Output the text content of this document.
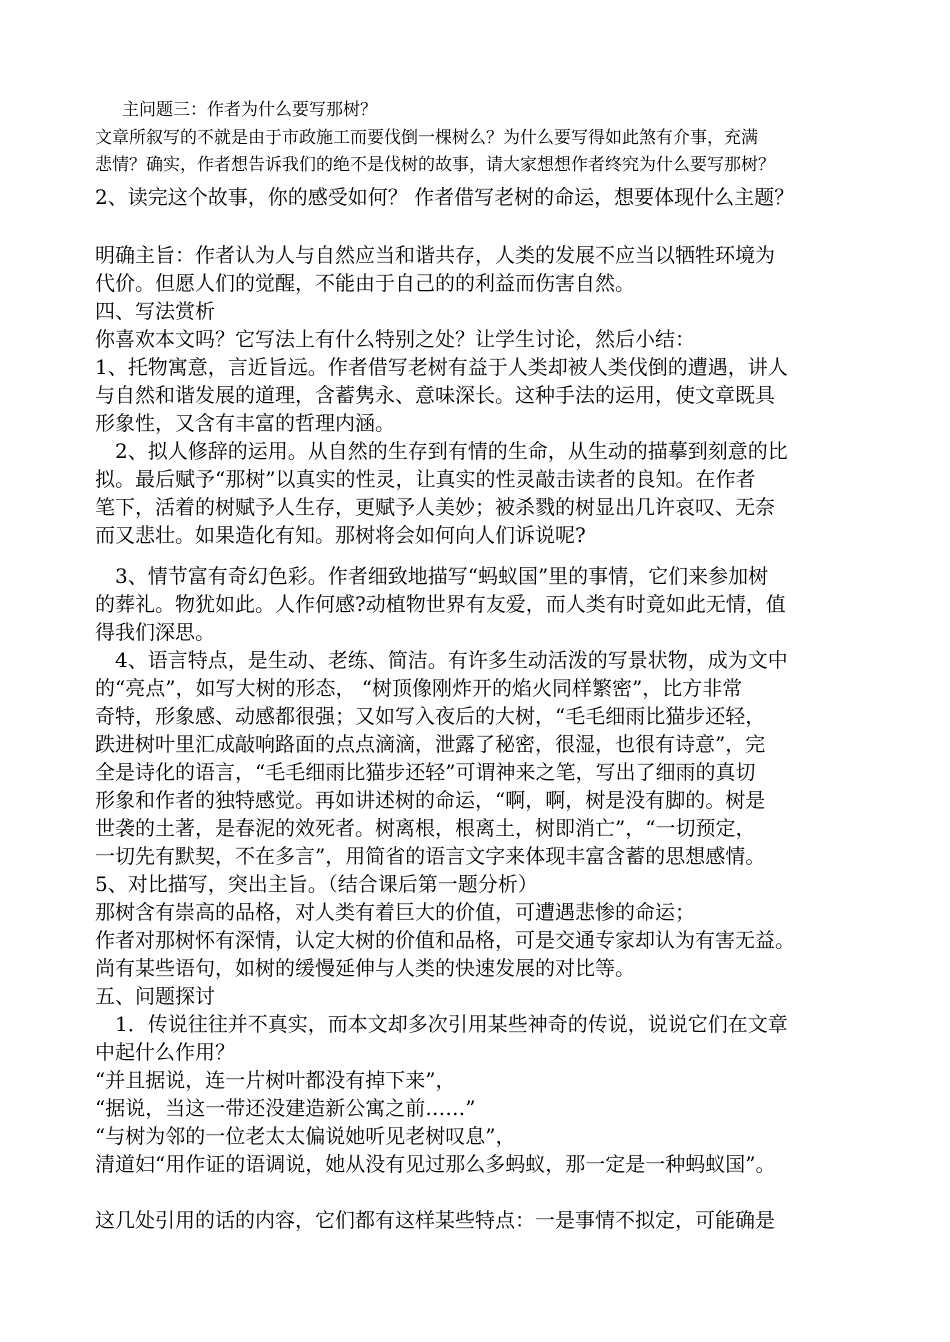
主问题三：作者为什么要写那树？
文章所叙写的不就是由于市政施工而要伐倒一棵树么？为什么要写得如此煞有介事，充满
悲情？确实，作者想告诉我们的绝不是伐树的故事，请大家想想作者终究为什么要写那树？
2、读完这个故事，你的感受如何？ 作者借写老树的命运，想要体现什么主题？
明确主旨：作者认为人与自然应当和谐共存，人类的发展不应当以牺牲环境为
代价。但愿人们的觉醒，不能由于自己的的利益而伤害自然。
四、写法赏析
你喜欢本文吗？它写法上有什么特别之处？让学生讨论，然后小结：
1、托物寓意，言近旨远。作者借写老树有益于人类却被人类伐倒的遭遇，讲人
与自然和谐发展的道理，含蓄隽永、意味深长。这种手法的运用，使文章既具
形象性，又含有丰富的哲理内涵。
2、拟人修辞的运用。从自然的生存到有情的生命，从生动的描摹到刻意的比
拟。最后赋予“那树”以真实的性灵，让真实的性灵敲击读者的良知。在作者
笔下，活着的树赋予人生存，更赋予人美妙；被杀戮的树显出几许哀叹、无奈
而又悲壮。如果造化有知。那树将会如何向人们诉说呢?
3、情节富有奇幻色彩。作者细致地描写“蚂蚁国”里的事情，它们来参加树
的葬礼。物犹如此。人作何感?动植物世界有友爱，而人类有时竟如此无情，值
得我们深思。
4、语言特点，是生动、老练、简洁。有许多生动活泼的写景状物，成为文中
的“亮点”，如写大树的形态， “树顶像刚炸开的焰火同样繁密”，比方非常
奇特，形象感、动感都很强；又如写入夜后的大树，“毛毛细雨比猫步还轻，
跌进树叶里汇成敲响路面的点点滴滴，泄露了秘密，很湿，也很有诗意”，完
全是诗化的语言，“毛毛细雨比猫步还轻”可谓神来之笔，写出了细雨的真切
形象和作者的独特感觉。再如讲述树的命运，“啊，啊，树是没有脚的。树是
世袭的土著，是春泥的效死者。树离根，根离土，树即消亡”，“一切预定，
一切先有默契，不在多言”，用简省的语言文字来体现丰富含蓄的思想感情。
5、对比描写，突出主旨。（结合课后第一题分析）
那树含有崇高的品格，对人类有着巨大的价值，可遭遇悲惨的命运；
作者对那树怀有深情，认定大树的价值和品格，可是交通专家却认为有害无益。
尚有某些语句，如树的缓慢延伸与人类的快速发展的对比等。
五、问题探讨
1．传说往往并不真实，而本文却多次引用某些神奇的传说，说说它们在文章
中起什么作用？
“并且据说，连一片树叶都没有掉下来”，
“据说，当这一带还没建造新公寓之前……”
“与树为邻的一位老太太偏说她听见老树叹息”，
清道妇“用作证的语调说，她从没有见过那么多蚂蚁，那一定是一种蚂蚁国”。
这几处引用的话的内容，它们都有这样某些特点：一是事情不拟定，可能确是
